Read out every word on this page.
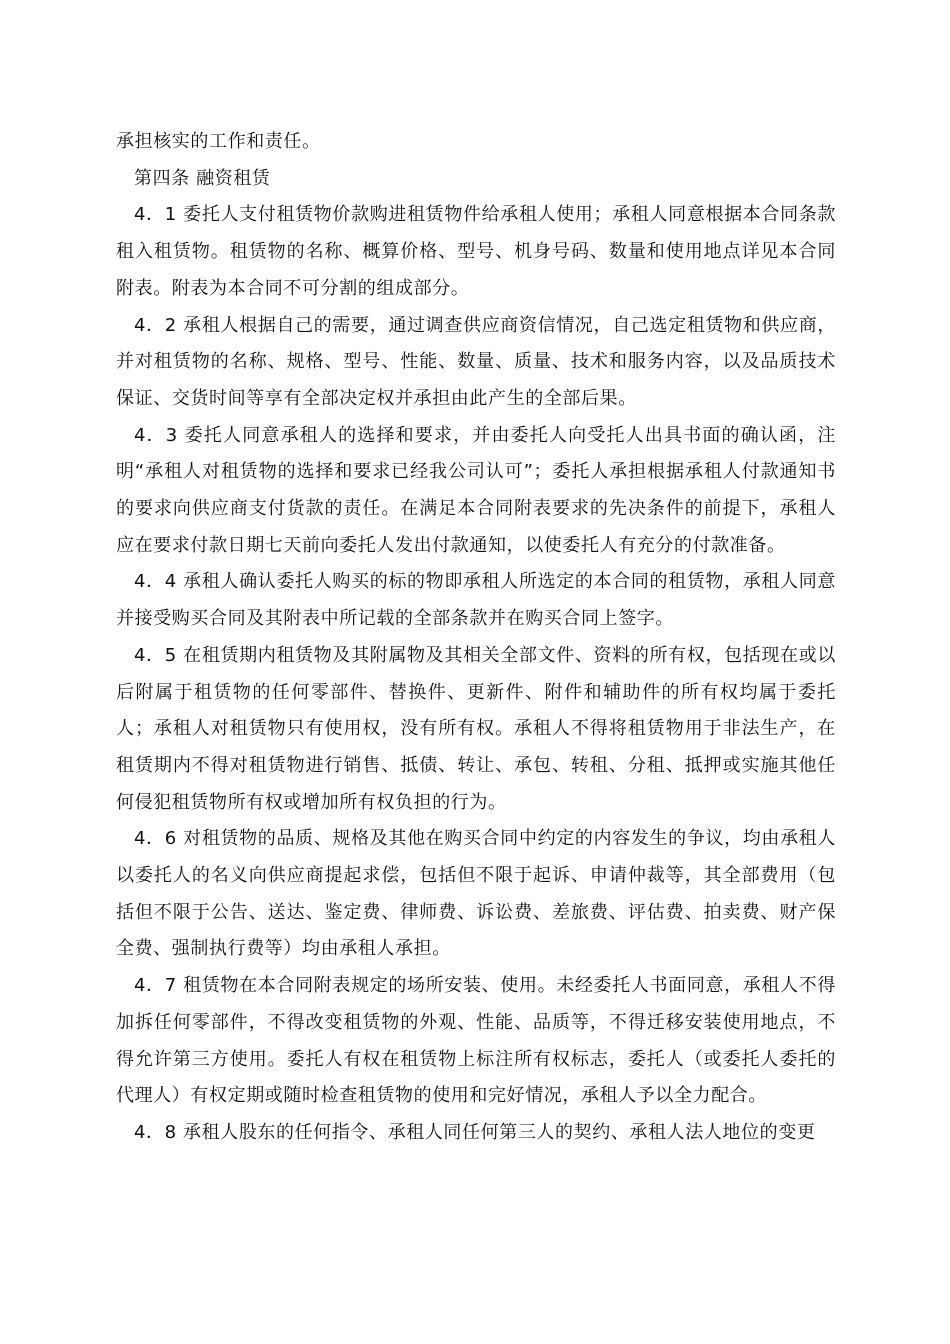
承担核实的工作和责任。

第四条 融资租赁

4．1 委托人支付租赁物价款购进租赁物件给承租人使用；承租人同意根据本合同条款租入租赁物。租赁物的名称、概算价格、型号、机身号码、数量和使用地点详见本合同附表。附表为本合同不可分割的组成部分。

4．2 承租人根据自己的需要，通过调查供应商资信情况，自己选定租赁物和供应商，并对租赁物的名称、规格、型号、性能、数量、质量、技术和服务内容，以及品质技术保证、交货时间等享有全部决定权并承担由此产生的全部后果。

4．3 委托人同意承租人的选择和要求，并由委托人向受托人出具书面的确认函，注明“承租人对租赁物的选择和要求已经我公司认可”；委托人承担根据承租人付款通知书的要求向供应商支付货款的责任。在满足本合同附表要求的先决条件的前提下，承租人应在要求付款日期七天前向委托人发出付款通知，以使委托人有充分的付款准备。

4．4 承租人确认委托人购买的标的物即承租人所选定的本合同的租赁物，承租人同意并接受购买合同及其附表中所记载的全部条款并在购买合同上签字。

4．5 在租赁期内租赁物及其附属物及其相关全部文件、资料的所有权，包括现在或以后附属于租赁物的任何零部件、替换件、更新件、附件和辅助件的所有权均属于委托人；承租人对租赁物只有使用权，没有所有权。承租人不得将租赁物用于非法生产，在租赁期内不得对租赁物进行销售、抵债、转让、承包、转租、分租、抵押或实施其他任何侵犯租赁物所有权或增加所有权负担的行为。

4．6 对租赁物的品质、规格及其他在购买合同中约定的内容发生的争议，均由承租人以委托人的名义向供应商提起求偿，包括但不限于起诉、申请仲裁等，其全部费用（包括但不限于公告、送达、鉴定费、律师费、诉讼费、差旅费、评估费、拍卖费、财产保全费、强制执行费等）均由承租人承担。

4．7 租赁物在本合同附表规定的场所安装、使用。未经委托人书面同意，承租人不得加拆任何零部件，不得改变租赁物的外观、性能、品质等，不得迁移安装使用地点，不得允许第三方使用。委托人有权在租赁物上标注所有权标志，委托人（或委托人委托的代理人）有权定期或随时检查租赁物的使用和完好情况，承租人予以全力配合。

4．8 承租人股东的任何指令、承租人同任何第三人的契约、承租人法人地位的变更
